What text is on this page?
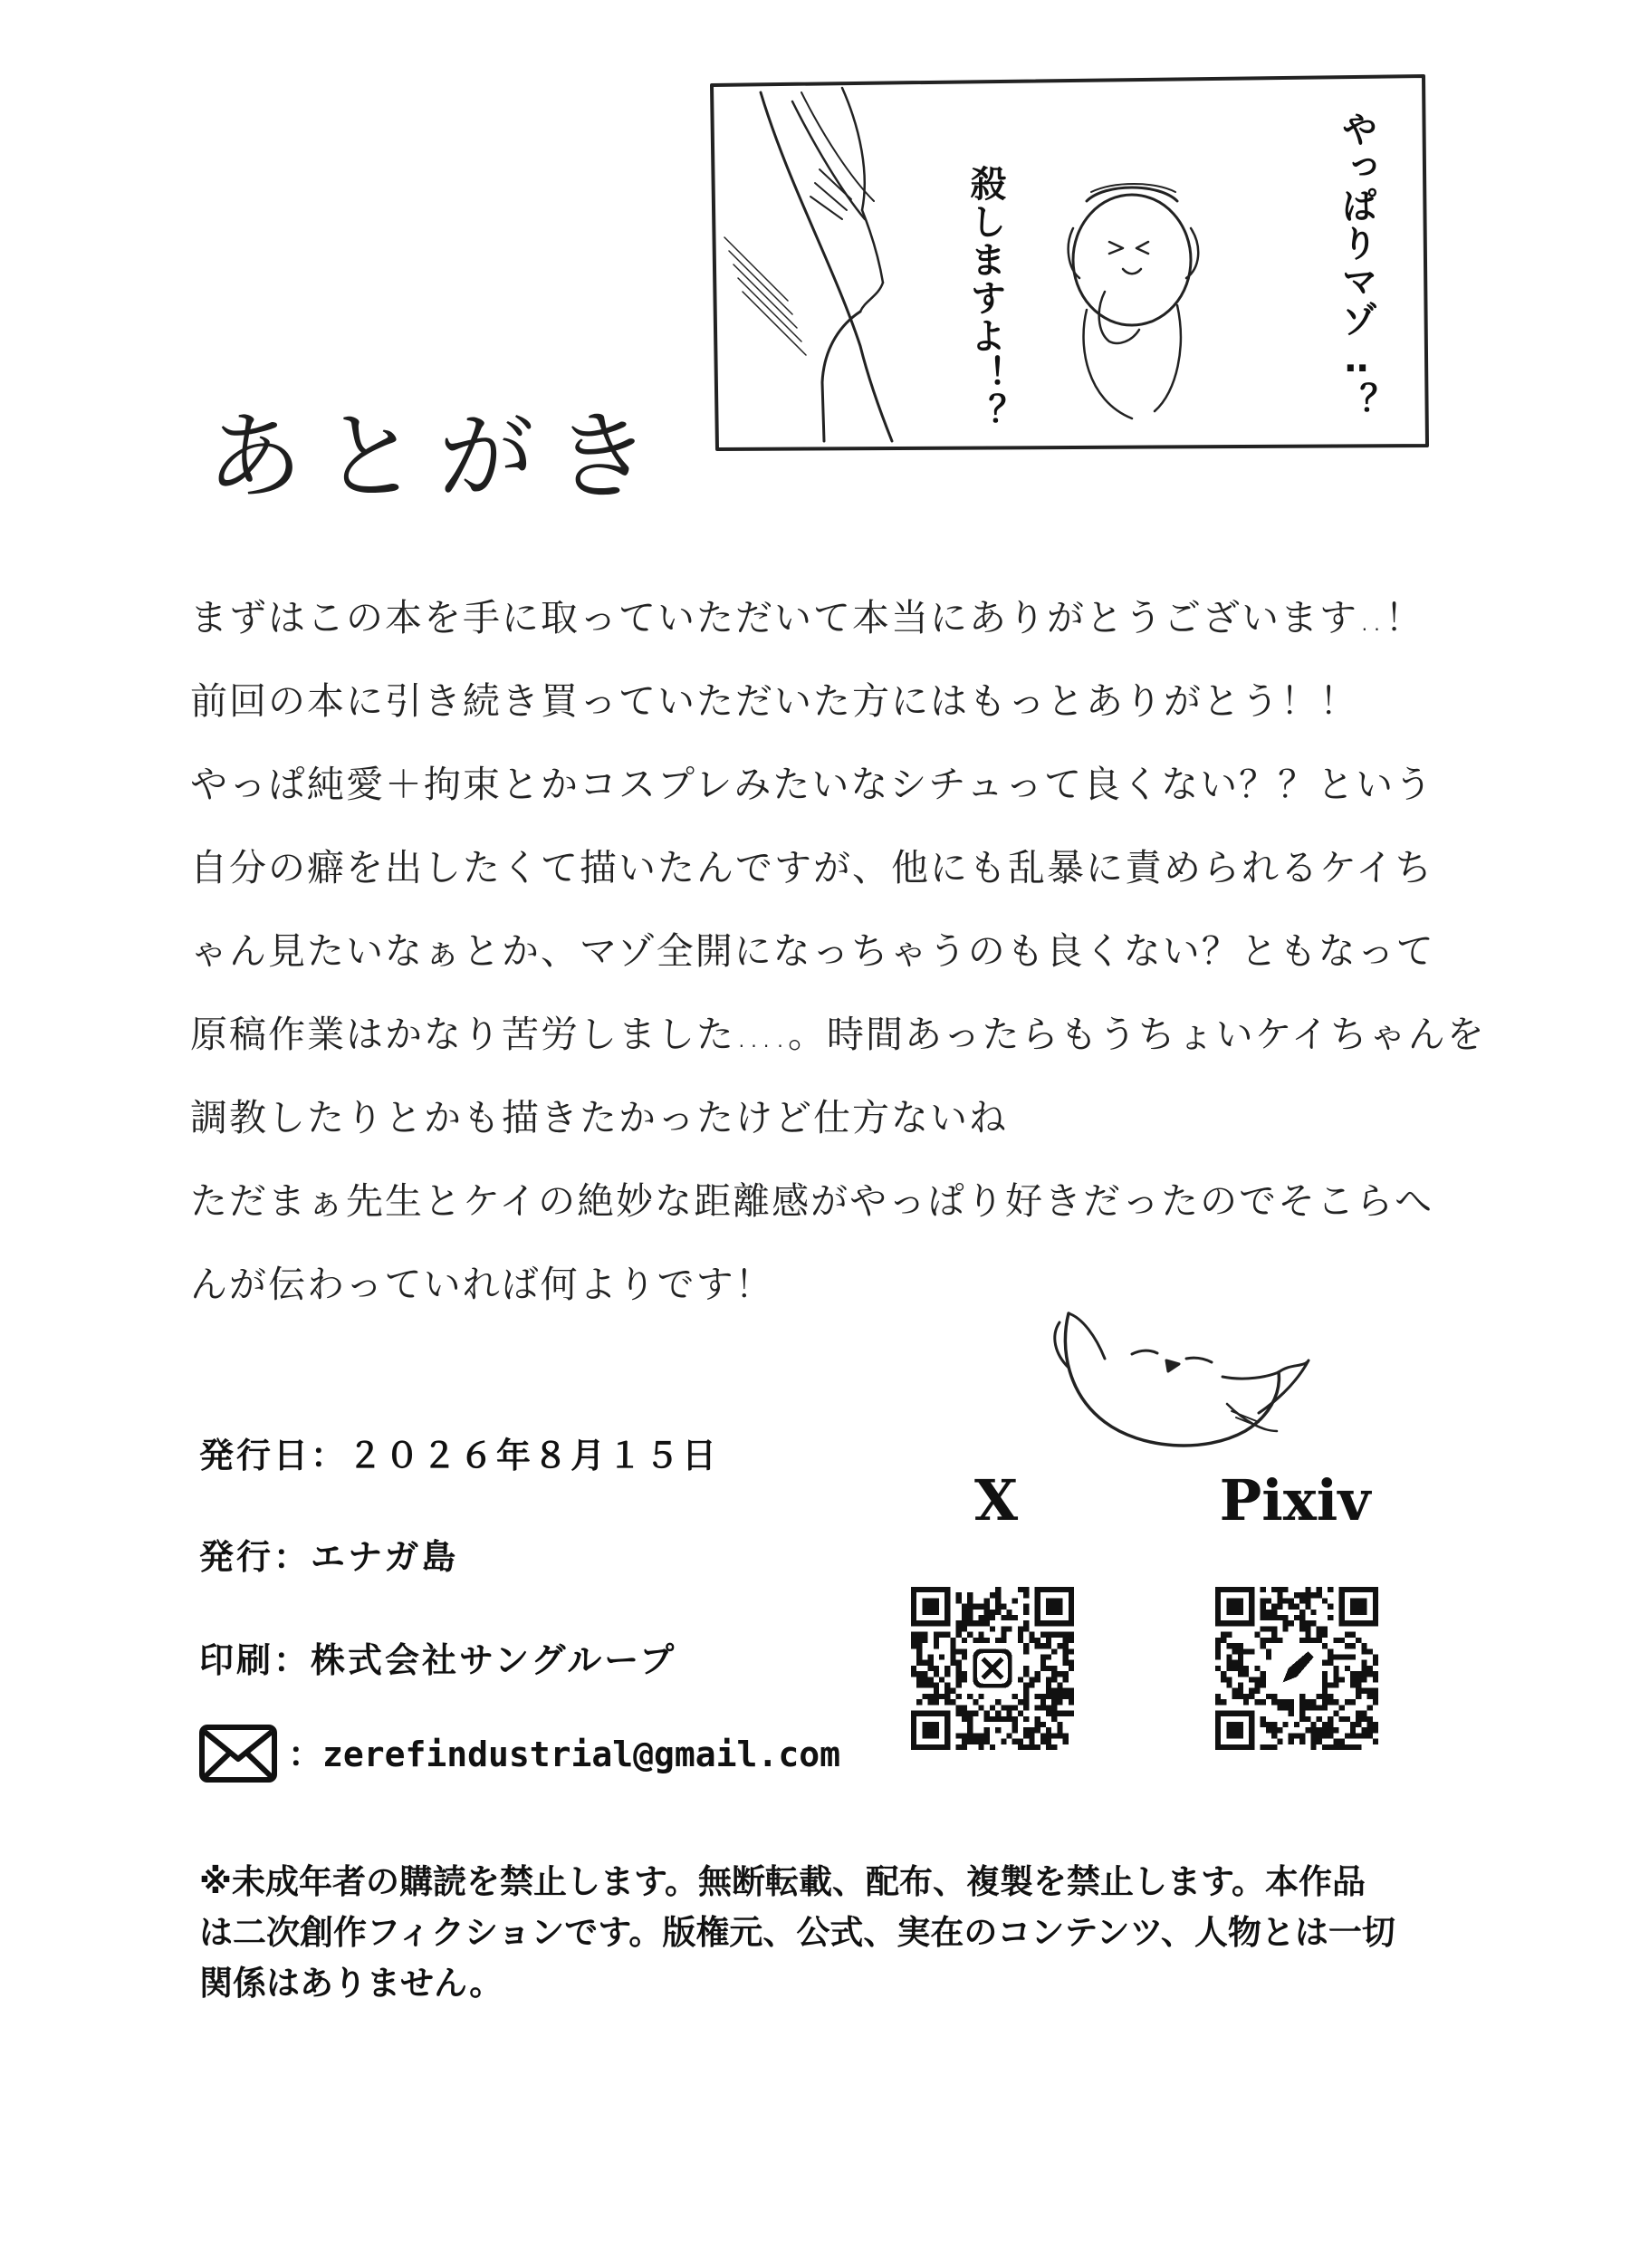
やっぱりマゾ‥？
殺しますよ！？
あとがき
まずはこの本を手に取っていただいて本当にありがとうございます‥！
前回の本に引き続き買っていただいた方にはもっとありがとう！！
やっぱ純愛＋拘束とかコスプレみたいなシチュって良くない？？という
自分の癖を出したくて描いたんですが、他にも乱暴に責められるケイち
ゃん見たいなぁとか、マゾ全開になっちゃうのも良くない？ともなって
原稿作業はかなり苦労しました….。時間あったらもうちょいケイちゃんを
調教したりとかも描きたかったけど仕方ないね
ただまぁ先生とケイの絶妙な距離感がやっぱり好きだったのでそこらへ
んが伝わっていれば何よりです！
発行日：２０２６年８月１５日
発行：エナガ島
印刷：株式会社サングループ
：zerefindustrial@gmail.com
X	Pixiv
※未成年者の購読を禁止します。無断転載、配布、複製を禁止します。本作品
は二次創作フィクションです。版権元、公式、実在のコンテンツ、人物とは一切
関係はありません。
